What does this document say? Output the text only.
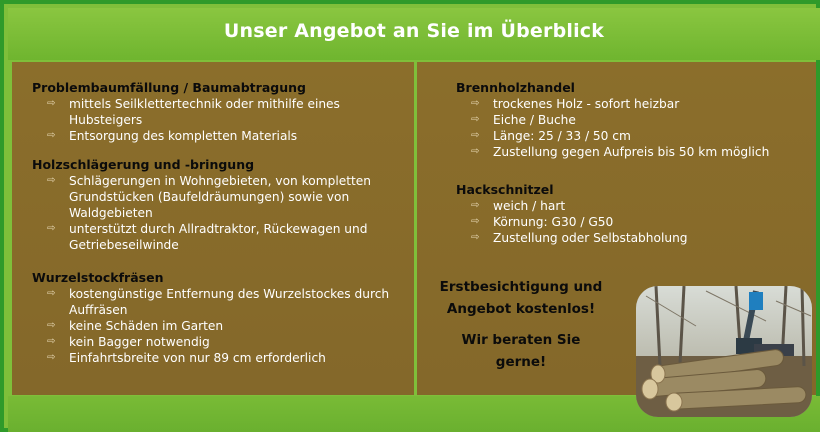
Unser Angebot an Sie im Überblick
Problembaumfällung / Baumabtragung
⇨ mittels Seilklettertechnik oder mithilfe eines
Hubsteigers
⇨ Entsorgung des kompletten Materials
Holzschlägerung und -bringung
⇨ Schlägerungen in Wohngebieten, von kompletten
Grundstücken (Baufeldräumungen) sowie von
Waldgebieten
⇨ unterstützt durch Allradtraktor, Rückewagen und
Getriebeseilwinde
Wurzelstockfräsen
⇨ kostengünstige Entfernung des Wurzelstockes durch
Auffräsen
⇨ keine Schäden im Garten
⇨ kein Bagger notwendig
⇨ Einfahrtsbreite von nur 89 cm erforderlich
Brennholzhandel
⇨ trockenes Holz - sofort heizbar
⇨ Eiche / Buche
⇨ Länge: 25 / 33 / 50 cm
⇨ Zustellung gegen Aufpreis bis 50 km möglich
Hackschnitzel
⇨ weich / hart
⇨ Körnung: G30 / G50
⇨ Zustellung oder Selbstabholung
Erstbesichtigung und
Angebot kostenlos!
Wir beraten Sie gerne!
